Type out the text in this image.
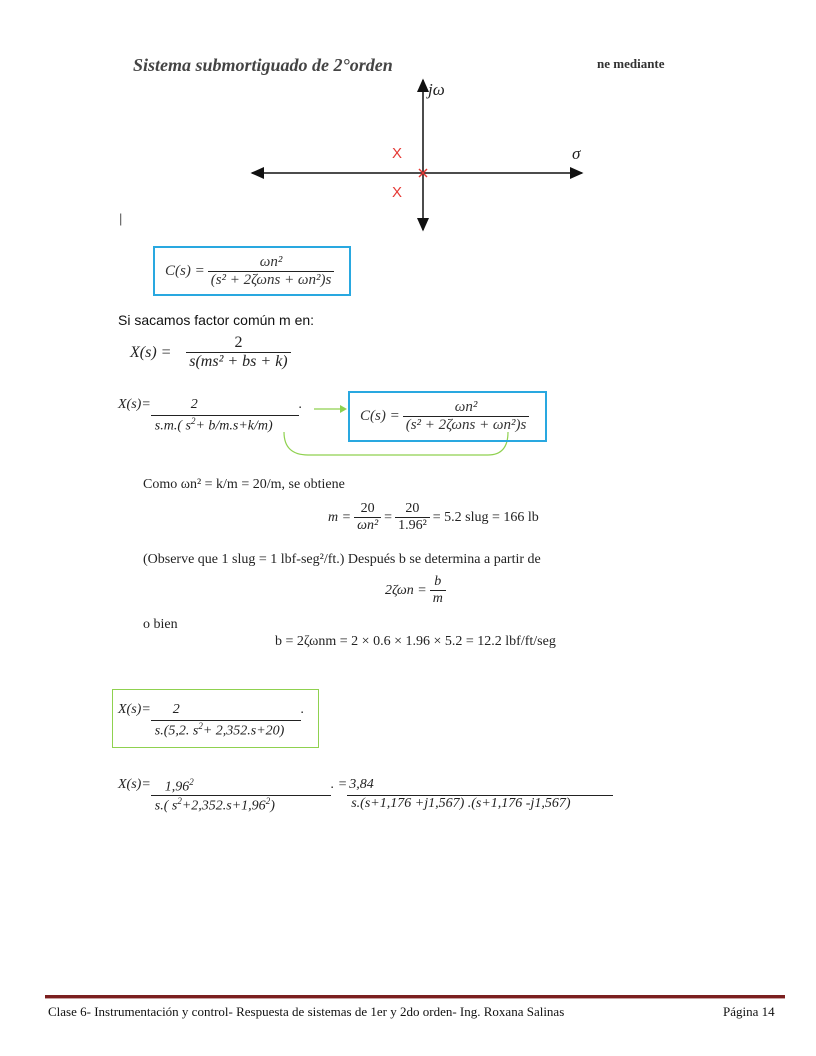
Sistema submortiguado de 2°orden	ne mediante
jω
σ
X
X
|
$C(s) = \frac{\text{ωn²}}{\text{(s² + 2ζωns + ωn²)s}}$
Si sacamos factor común m en:
$X(s) = \frac{2}{\text{s(ms² + bs + k)}}$
$X(s)= \frac{2}{s.m.( s^2+ b/m.s+k/m)}$ .
$C(s) = \frac{\text{ωn²}}{\text{(s² + 2ζωns + ωn²)s}}$
Como ωn² = k/m = 20/m, se obtiene
$m = \frac{20}{\text{ωn²}} = \frac{20}{\text{1.96²}} = 5.2$ slug = 166 lb
(Observe que 1 slug = 1 lbf-seg²/ft.) Después b se determina a partir de
$2\zeta\omega n = \frac{b}{m}$
o bien
b = 2ζωnm = 2 × 0.6 × 1.96 × 5.2 = 12.2 lbf/ft/seg
$X(s)= \frac{2}{s.(5,2. s^2+ 2,352.s+20)}$ .
$X(s)= \frac{1,96^2}{s.( s^2+2,352.s+1,96^2)}$ . = $\frac{3,84}{s.(s+1,176 +j1,567) .(s+1,176 -j1,567)}$
Clase 6- Instrumentación y control- Respuesta de sistemas de 1er y 2do orden- Ing. Roxana Salinas	Página 14
